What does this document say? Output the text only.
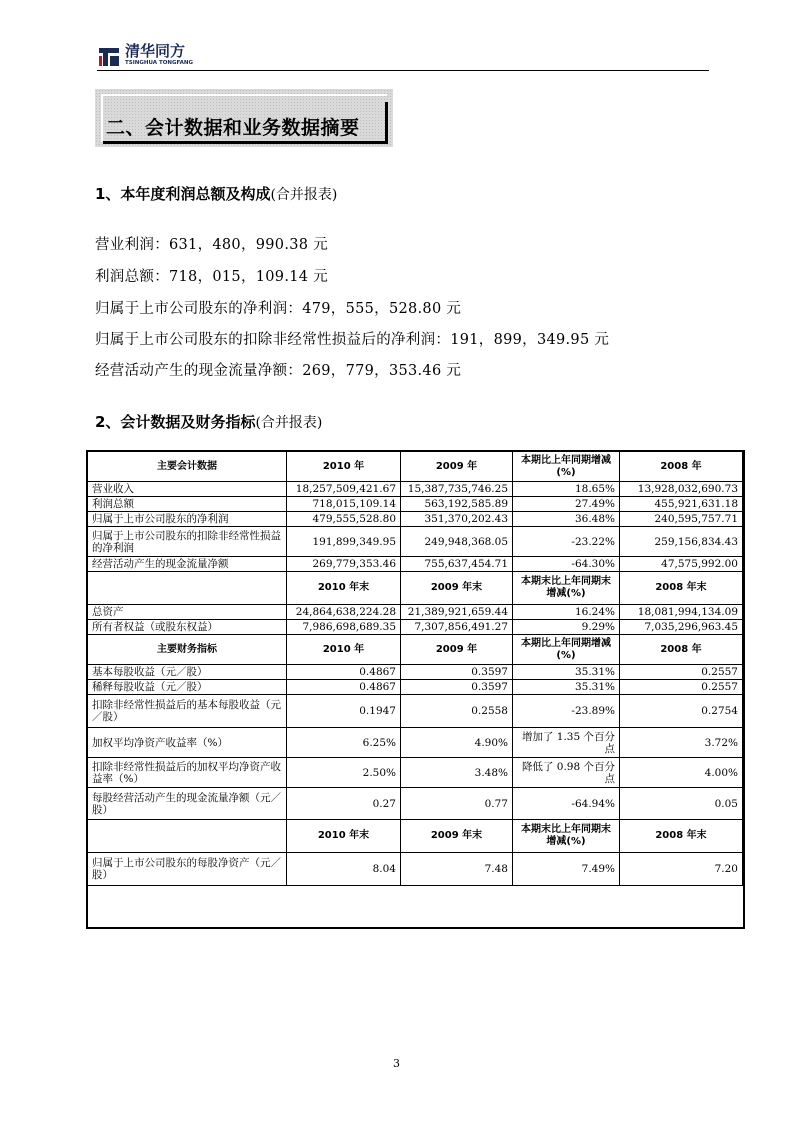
清华同方
TSINGHUA TONGFANG
二、会计数据和业务数据摘要
1、本年度利润总额及构成(合并报表)
营业利润：631，480，990.38 元
利润总额：718，015，109.14 元
归属于上市公司股东的净利润：479，555，528.80 元
归属于上市公司股东的扣除非经常性损益后的净利润：191，899，349.95 元
经营活动产生的现金流量净额：269，779，353.46 元
2、会计数据及财务指标(合并报表)
主要会计数据	2010 年	2009 年	本期比上年同期增减(%)	2008 年
营业收入	18,257,509,421.67	15,387,735,746.25	18.65%	13,928,032,690.73
利润总额	718,015,109.14	563,192,585.89	27.49%	455,921,631.18
归属于上市公司股东的净利润	479,555,528.80	351,370,202.43	36.48%	240,595,757.71
归属于上市公司股东的扣除非经常性损益的净利润	191,899,349.95	249,948,368.05	-23.22%	259,156,834.43
经营活动产生的现金流量净额	269,779,353.46	755,637,454.71	-64.30%	47,575,992.00
	2010 年末	2009 年末	本期末比上年同期末增减(%)	2008 年末
总资产	24,864,638,224.28	21,389,921,659.44	16.24%	18,081,994,134.09
所有者权益（或股东权益）	7,986,698,689.35	7,307,856,491.27	9.29%	7,035,296,963.45
主要财务指标	2010 年	2009 年	本期比上年同期增减(%)	2008 年
基本每股收益（元／股）	0.4867	0.3597	35.31%	0.2557
稀释每股收益（元／股）	0.4867	0.3597	35.31%	0.2557
扣除非经常性损益后的基本每股收益（元／股）	0.1947	0.2558	-23.89%	0.2754
加权平均净资产收益率（%）	6.25%	4.90%	增加了 1.35 个百分点	3.72%
扣除非经常性损益后的加权平均净资产收益率（%）	2.50%	3.48%	降低了 0.98 个百分点	4.00%
每股经营活动产生的现金流量净额（元／股）	0.27	0.77	-64.94%	0.05
	2010 年末	2009 年末	本期末比上年同期末增减(%)	2008 年末
归属于上市公司股东的每股净资产（元／股）	8.04	7.48	7.49%	7.20
3
